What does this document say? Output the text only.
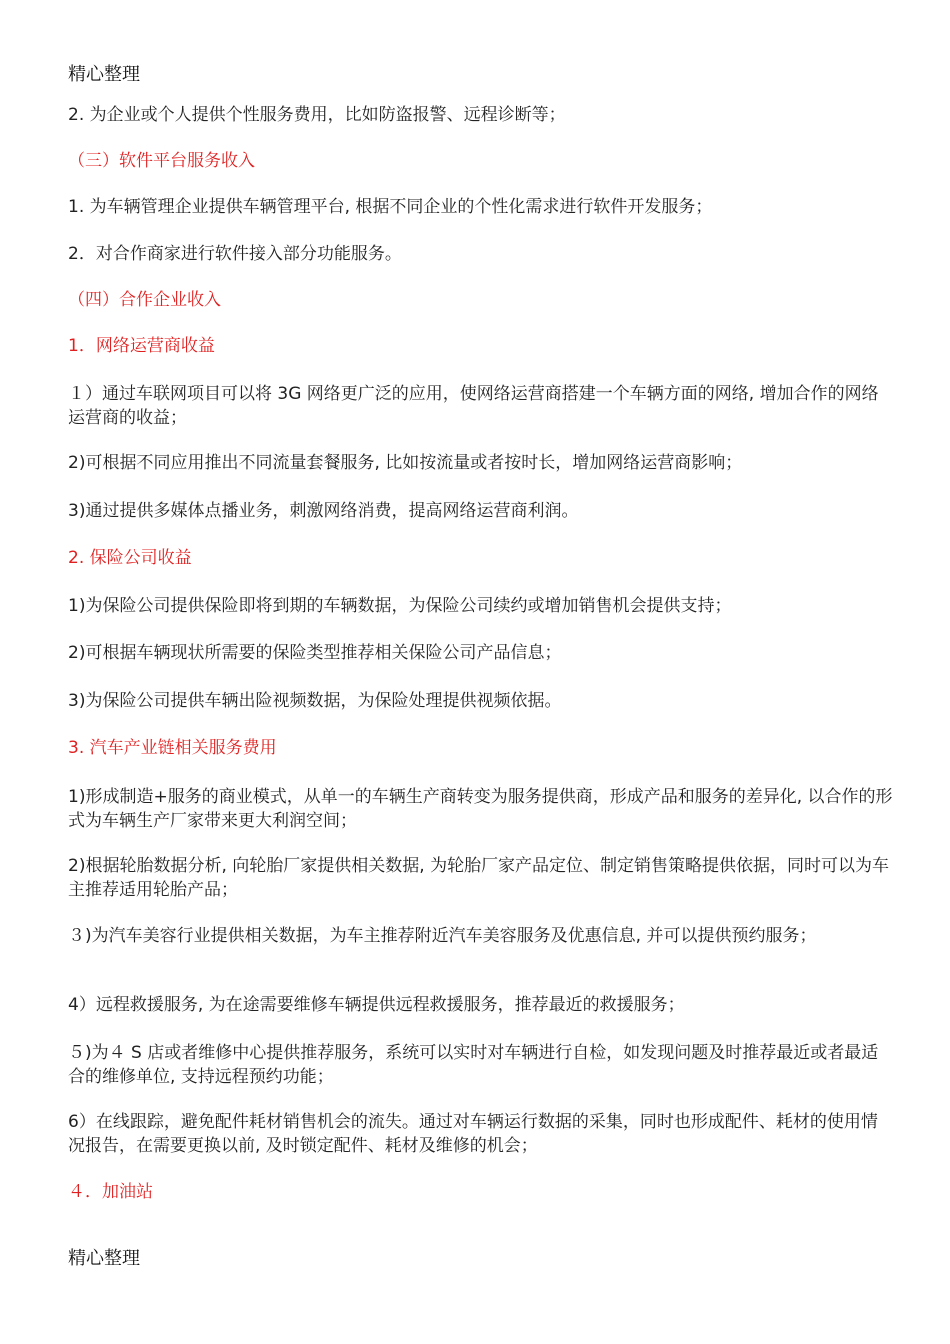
精心整理
2. 为企业或个人提供个性服务费用，比如防盗报警、远程诊断等；
（三）软件平台服务收入
1. 为车辆管理企业提供车辆管理平台, 根据不同企业的个性化需求进行软件开发服务；
2．对合作商家进行软件接入部分功能服务。
（四）合作企业收入
1．网络运营商收益
１）通过车联网项目可以将 3G 网络更广泛的应用，使网络运营商搭建一个车辆方面的网络, 增加合作的网络运营商的收益；
2)可根据不同应用推出不同流量套餐服务, 比如按流量或者按时长，增加网络运营商影响；
3)通过提供多媒体点播业务，刺激网络消费，提高网络运营商利润。
2. 保险公司收益
1)为保险公司提供保险即将到期的车辆数据，为保险公司续约或增加销售机会提供支持；
2)可根据车辆现状所需要的保险类型推荐相关保险公司产品信息；
3)为保险公司提供车辆出险视频数据，为保险处理提供视频依据。
3. 汽车产业链相关服务费用
1)形成制造+服务的商业模式，从单一的车辆生产商转变为服务提供商，形成产品和服务的差异化, 以合作的形式为车辆生产厂家带来更大利润空间；
2)根据轮胎数据分析, 向轮胎厂家提供相关数据, 为轮胎厂家产品定位、制定销售策略提供依据，同时可以为车主推荐适用轮胎产品；
３)为汽车美容行业提供相关数据，为车主推荐附近汽车美容服务及优惠信息, 并可以提供预约服务；
4）远程救援服务, 为在途需要维修车辆提供远程救援服务，推荐最近的救援服务；
５)为４ S 店或者维修中心提供推荐服务，系统可以实时对车辆进行自检，如发现问题及时推荐最近或者最适合的维修单位, 支持远程预约功能；
6）在线跟踪，避免配件耗材销售机会的流失。通过对车辆运行数据的采集，同时也形成配件、耗材的使用情况报告，在需要更换以前, 及时锁定配件、耗材及维修的机会；
４．加油站
精心整理
